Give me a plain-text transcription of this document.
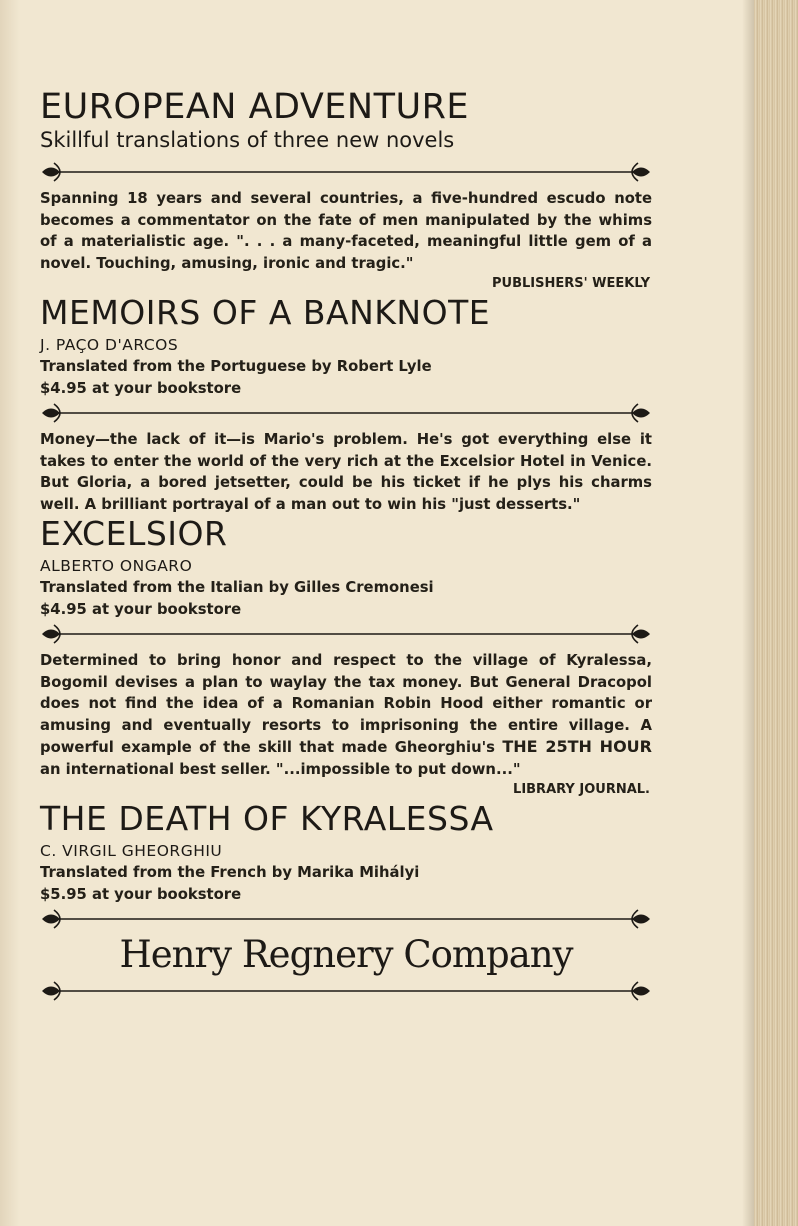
EUROPEAN ADVENTURE

Skillful translations of three new novels

Spanning 18 years and several countries, a five-hundred escudo note becomes a commentator on the fate of men manipulated by the whims of a materialistic age. ". . . a many-faceted, meaningful little gem of a novel. Touching, amusing, ironic and tragic."

PUBLISHERS' WEEKLY

MEMOIRS OF A BANKNOTE

J. PAÇO D'ARCOS

Translated from the Portuguese by Robert Lyle

$4.95 at your bookstore

Money—the lack of it—is Mario's problem. He's got everything else it takes to enter the world of the very rich at the Excelsior Hotel in Venice. But Gloria, a bored jetsetter, could be his ticket if he plys his charms well. A brilliant portrayal of a man out to win his "just desserts."

EXCELSIOR

ALBERTO ONGARO

Translated from the Italian by Gilles Cremonesi

$4.95 at your bookstore

Determined to bring honor and respect to the village of Kyralessa, Bogomil devises a plan to waylay the tax money. But General Dracopol does not find the idea of a Romanian Robin Hood either romantic or amusing and eventually resorts to imprisoning the entire village. A powerful example of the skill that made Gheorghiu's THE 25TH HOUR an international best seller. "...impossible to put down..."

LIBRARY JOURNAL.

THE DEATH OF KYRALESSA

C. VIRGIL GHEORGHIU

Translated from the French by Marika Mihályi

$5.95 at your bookstore

Henry Regnery Company
